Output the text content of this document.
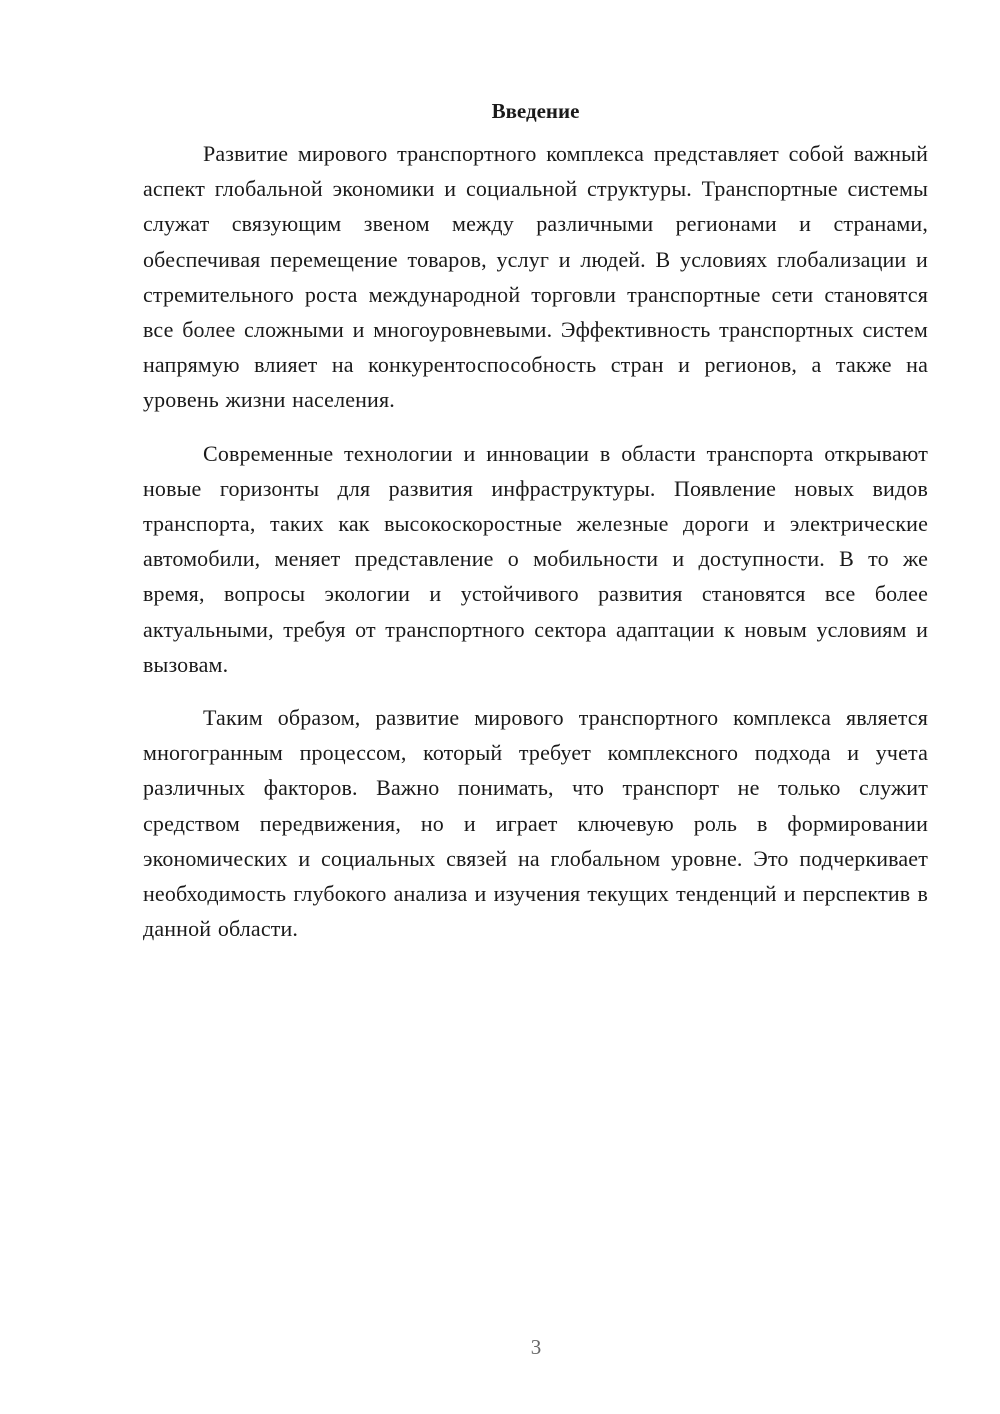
Введение

Развитие мирового транспортного комплекса представляет собой важный аспект глобальной экономики и социальной структуры. Транспортные системы служат связующим звеном между различными регионами и странами, обеспечивая перемещение товаров, услуг и людей. В условиях глобализации и стремительного роста международной торговли транспортные сети становятся все более сложными и многоуровневыми. Эффективность транспортных систем напрямую влияет на конкурентоспособность стран и регионов, а также на уровень жизни населения.

Современные технологии и инновации в области транспорта открывают новые горизонты для развития инфраструктуры. Появление новых видов транспорта, таких как высокоскоростные железные дороги и электрические автомобили, меняет представление о мобильности и доступности. В то же время, вопросы экологии и устойчивого развития становятся все более актуальными, требуя от транспортного сектора адаптации к новым условиям и вызовам.

Таким образом, развитие мирового транспортного комплекса является многогранным процессом, который требует комплексного подхода и учета различных факторов. Важно понимать, что транспорт не только служит средством передвижения, но и играет ключевую роль в формировании экономических и социальных связей на глобальном уровне. Это подчеркивает необходимость глубокого анализа и изучения текущих тенденций и перспектив в данной области.

3
